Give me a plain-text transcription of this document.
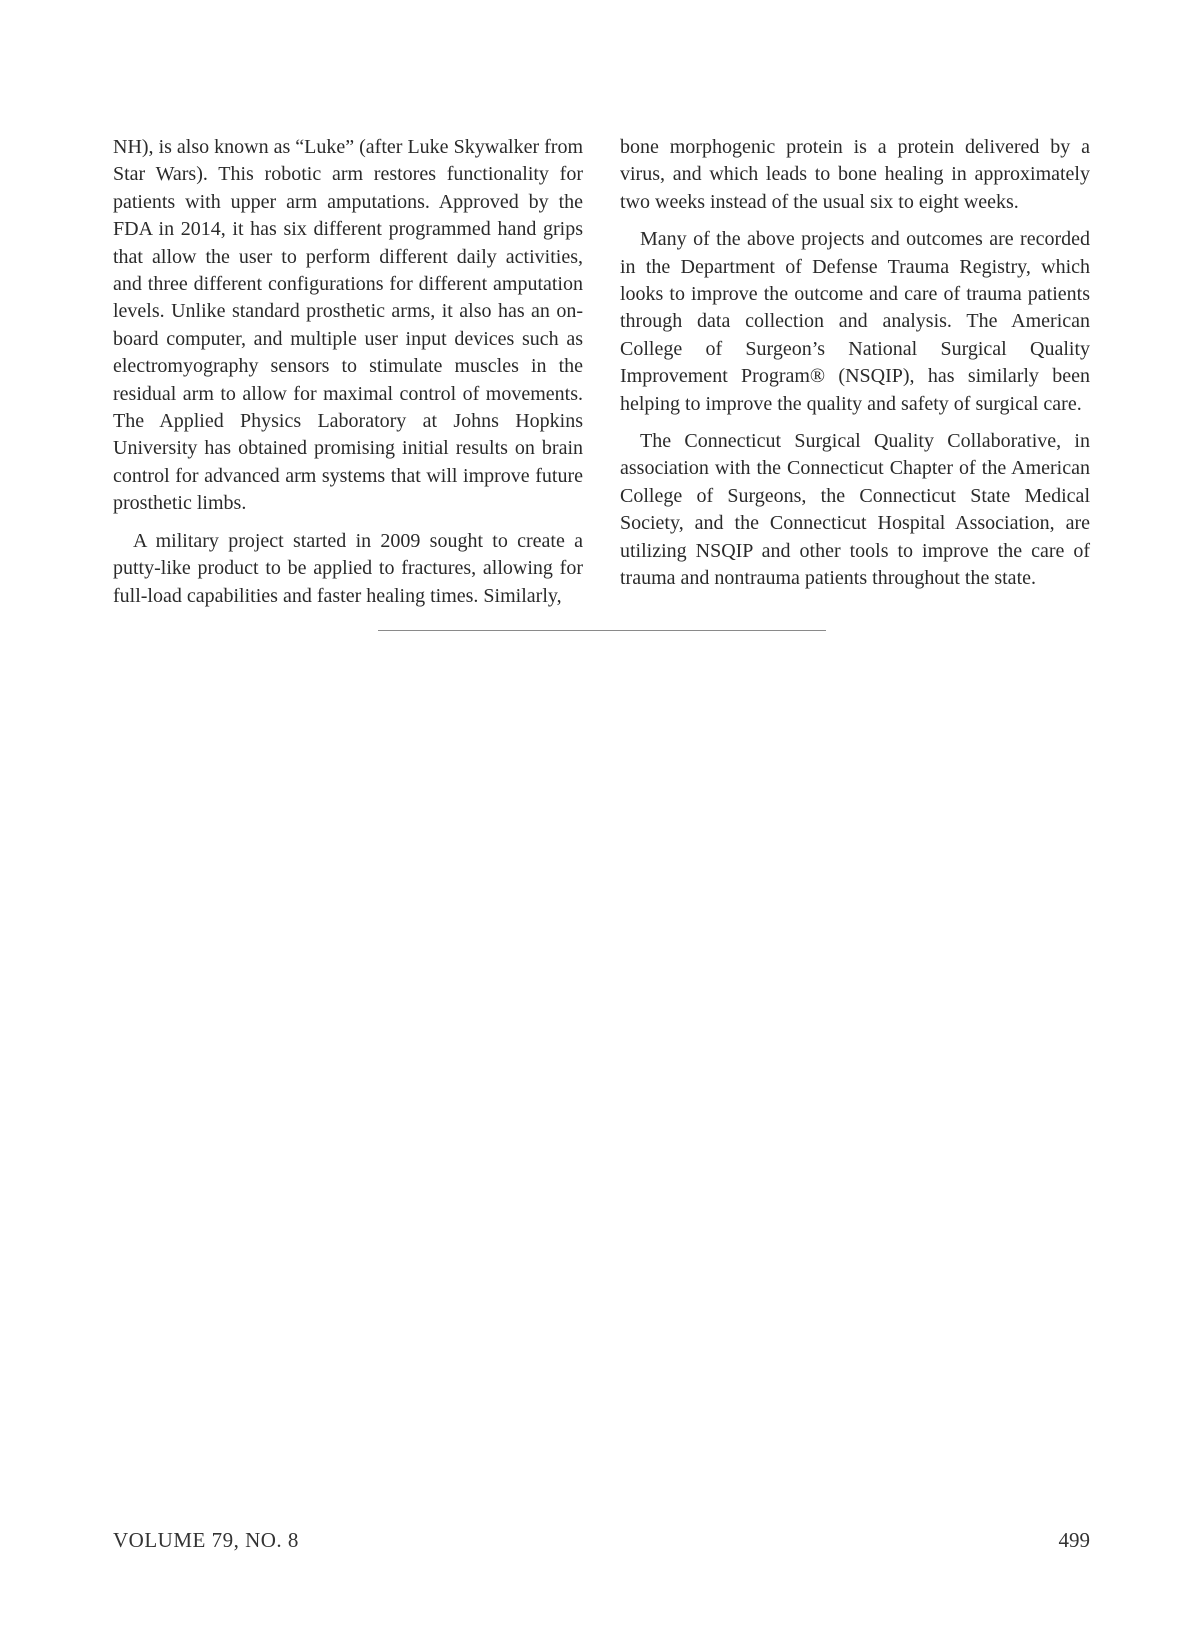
NH), is also known as “Luke” (after Luke Skywalker from Star Wars). This robotic arm restores functionality for patients with upper arm amputations. Approved by the FDA in 2014, it has six different programmed hand grips that allow the user to perform different daily activities, and three different configurations for different amputation levels. Unlike standard prosthetic arms, it also has an on-board computer, and multiple user input devices such as electromyography sensors to stimulate muscles in the residual arm to allow for maximal control of movements. The Applied Physics Laboratory at Johns Hopkins University has obtained promising initial results on brain control for advanced arm systems that will improve future prosthetic limbs.

A military project started in 2009 sought to create a putty-like product to be applied to fractures, allowing for full-load capabilities and faster healing times. Similarly,

bone morphogenic protein is a protein delivered by a virus, and which leads to bone healing in approximately two weeks instead of the usual six to eight weeks.

Many of the above projects and outcomes are recorded in the Department of Defense Trauma Registry, which looks to improve the outcome and care of trauma patients through data collection and analysis. The American College of Surgeon’s National Surgical Quality Improvement Program® (NSQIP), has similarly been helping to improve the quality and safety of surgical care.

The Connecticut Surgical Quality Collaborative, in association with the Connecticut Chapter of the American College of Surgeons, the Connecticut State Medical Society, and the Connecticut Hospital Association, are utilizing NSQIP and other tools to improve the care of trauma and nontrauma patients throughout the state.

VOLUME 79, NO. 8	499
